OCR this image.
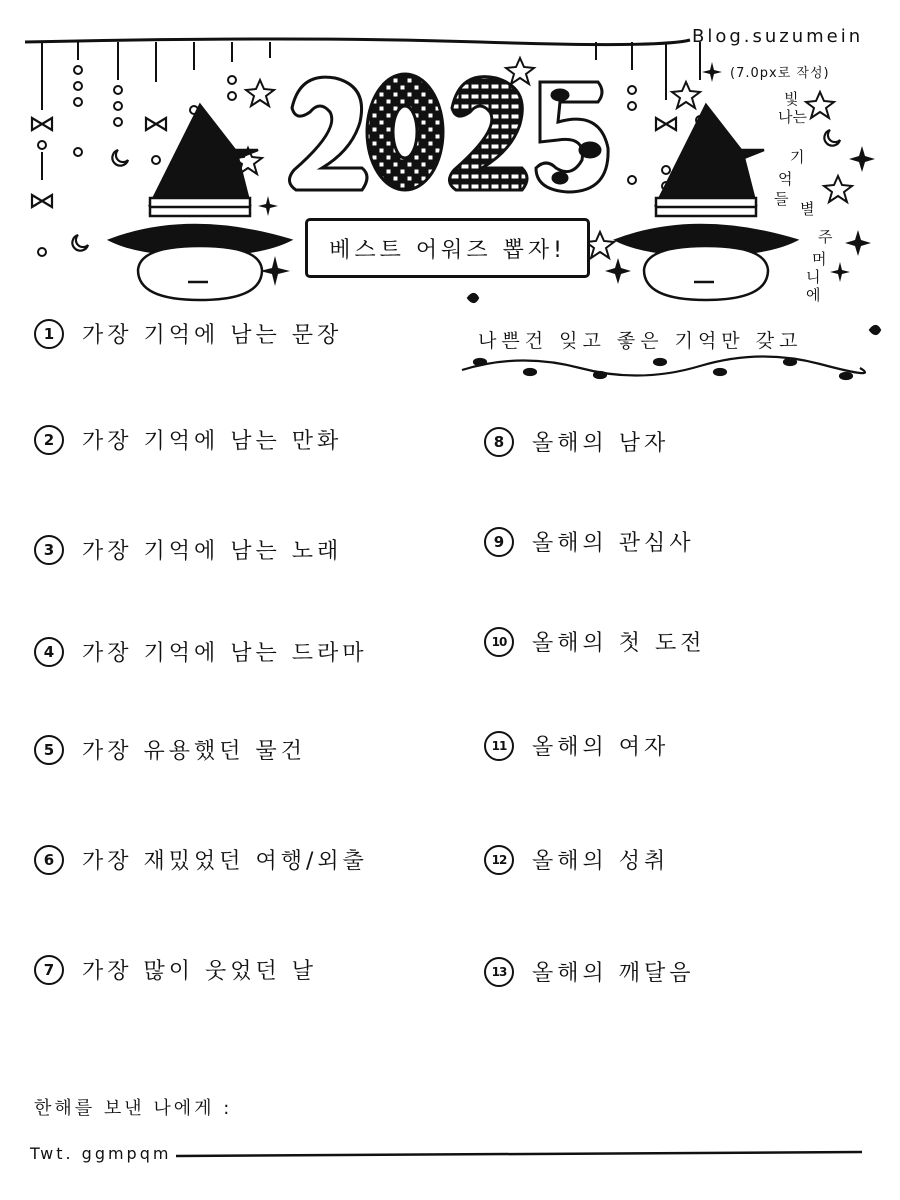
Blog.suzumein
(7.0px로 작성)
베스트 어워즈 뽑자!
빛
나는
기
억
들
별
주
머
니
에
나쁜건 잊고 좋은 기억만 갖고
1	가장 기억에 남는 문장
2	가장 기억에 남는 만화
3	가장 기억에 남는 노래
4	가장 기억에 남는 드라마
5	가장 유용했던 물건
6	가장 재밌었던 여행/외출
7	가장 많이 웃었던 날
8	올해의 남자
9	올해의 관심사
10	올해의 첫 도전
11	올해의 여자
12	올해의 성취
13	올해의 깨달음
한해를 보낸 나에게 :
Twt. ggmpqm
